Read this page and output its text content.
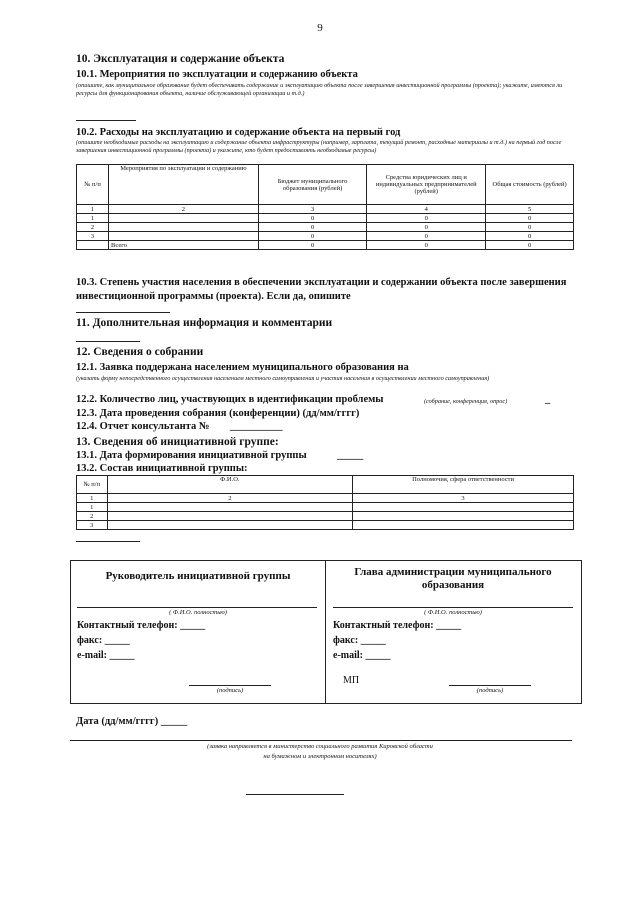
9
10. Эксплуатация и содержание объекта
10.1. Мероприятия по эксплуатации и содержанию объекта
(опишите, как муниципальное образование будет обеспечивать содержание и эксплуатацию объекта после завершения инвестиционной программы (проекта); укажите, имеются ли ресурсы для функционирования объекта, наличие обслуживающей организации и т.д.)
10.2. Расходы на эксплуатацию и содержание объекта на первый год
(опишите необходимые расходы на эксплуатацию и содержание объекта инфраструктуры (например, зарплата, текущий ремонт, расходные материалы и т.д.) на первый год после завершения инвестиционной программы (проекта) и укажите, кто будет предоставлять необходимые ресурсы)
№ п/п	Мероприятия по эксплуатации и содержанию	Бюджет муниципального образования (рублей)	Средства юридических лиц и индивидуальных предпринимателей (рублей)	Общая стоимость (рублей)
1	2	3	4	5
1		0	0	0
2		0	0	0
3		0	0	0
	Всего	0	0	0
10.3. Степень участия населения в обеспечении эксплуатации и содержании объекта после завершения инвестиционной программы (проекта). Если да, опишите
11. Дополнительная информация и комментарии
12. Сведения о собрании
12.1. Заявка поддержана населением муниципального образования на
(указать форму непосредственного осуществления населением местного самоуправления и участия населения в осуществлении местного самоуправления)
12.2. Количество лиц, участвующих в идентификации проблемы	(собрание, конференция, опрос)	_
12.3. Дата проведения собрания (конференции) (дд/мм/гггг)
12.4. Отчет консультанта № __________
13. Сведения об инициативной группе:
13.1. Дата формирования инициативной группы	_____
13.2. Состав инициативной группы:
№ п/п	Ф.И.О.	Полномочия, сфера ответственности
1	2	3
1		
2		
3		
Руководитель инициативной группы
( Ф.И.О. полностью)
Контактный телефон: _____
факс: _____
e-mail: _____
(подпись)
Глава администрации муниципального образования
( Ф.И.О. полностью)
Контактный телефон: _____
факс: _____
e-mail: _____
МП
(подпись)
Дата (дд/мм/гггг) _____
(заявка направляется в министерство социального развития Кировской области
на бумажном и электронном носителях)
